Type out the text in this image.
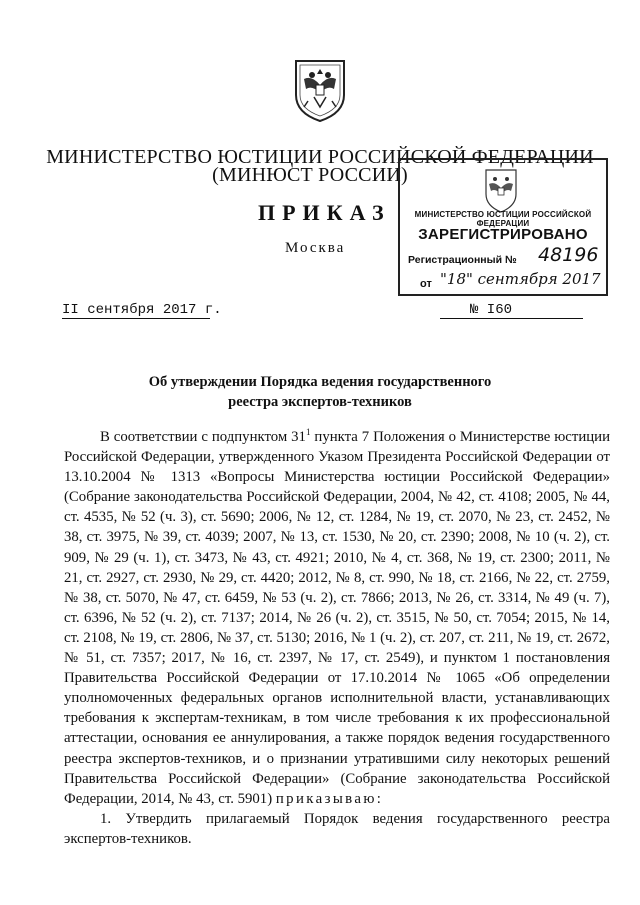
МИНИСТЕРСТВО ЮСТИЦИИ РОССИЙСКОЙ ФЕДЕРАЦИИ
(МИНЮСТ РОССИИ)
ПРИКАЗ
Москва
МИНИСТЕРСТВО ЮСТИЦИИ РОССИЙСКОЙ ФЕДЕРАЦИИ
ЗАРЕГИСТРИРОВАНО
Регистрационный № 48196
от "18" сентября 2017
II сентября 2017 г.	№ I60
Об утверждении Порядка ведения государственного
реестра экспертов-техников

В соответствии с подпунктом $31^1$ пункта 7 Положения о Министерстве юстиции Российской Федерации, утвержденного Указом Президента Российской Федерации от 13.10.2004 № 1313 «Вопросы Министерства юстиции Российской Федерации» (Собрание законодательства Российской Федерации, 2004, № 42, ст. 4108; 2005, № 44, ст. 4535, № 52 (ч. 3), ст. 5690; 2006, № 12, ст. 1284, № 19, ст. 2070, № 23, ст. 2452, № 38, ст. 3975, № 39, ст. 4039; 2007, № 13, ст. 1530, № 20, ст. 2390; 2008, № 10 (ч. 2), ст. 909, № 29 (ч. 1), ст. 3473, № 43, ст. 4921; 2010, № 4, ст. 368, № 19, ст. 2300; 2011, № 21, ст. 2927, ст. 2930, № 29, ст. 4420; 2012, № 8, ст. 990, № 18, ст. 2166, № 22, ст. 2759, № 38, ст. 5070, № 47, ст. 6459, № 53 (ч. 2), ст. 7866; 2013, № 26, ст. 3314, № 49 (ч. 7), ст. 6396, № 52 (ч. 2), ст. 7137; 2014, № 26 (ч. 2), ст. 3515, № 50, ст. 7054; 2015, № 14, ст. 2108, № 19, ст. 2806, № 37, ст. 5130; 2016, № 1 (ч. 2), ст. 207, ст. 211, № 19, ст. 2672, № 51, ст. 7357; 2017, № 16, ст. 2397, № 17, ст. 2549), и пунктом 1 постановления Правительства Российской Федерации от 17.10.2014 № 1065 «Об определении уполномоченных федеральных органов исполнительной власти, устанавливающих требования к экспертам-техникам, в том числе требования к их профессиональной аттестации, основания ее аннулирования, а также порядок ведения государственного реестра экспертов-техников, и о признании утратившими силу некоторых решений Правительства Российской Федерации» (Собрание законодательства Российской Федерации, 2014, № 43, ст. 5901) приказываю:

1. Утвердить прилагаемый Порядок ведения государственного реестра экспертов-техников.
